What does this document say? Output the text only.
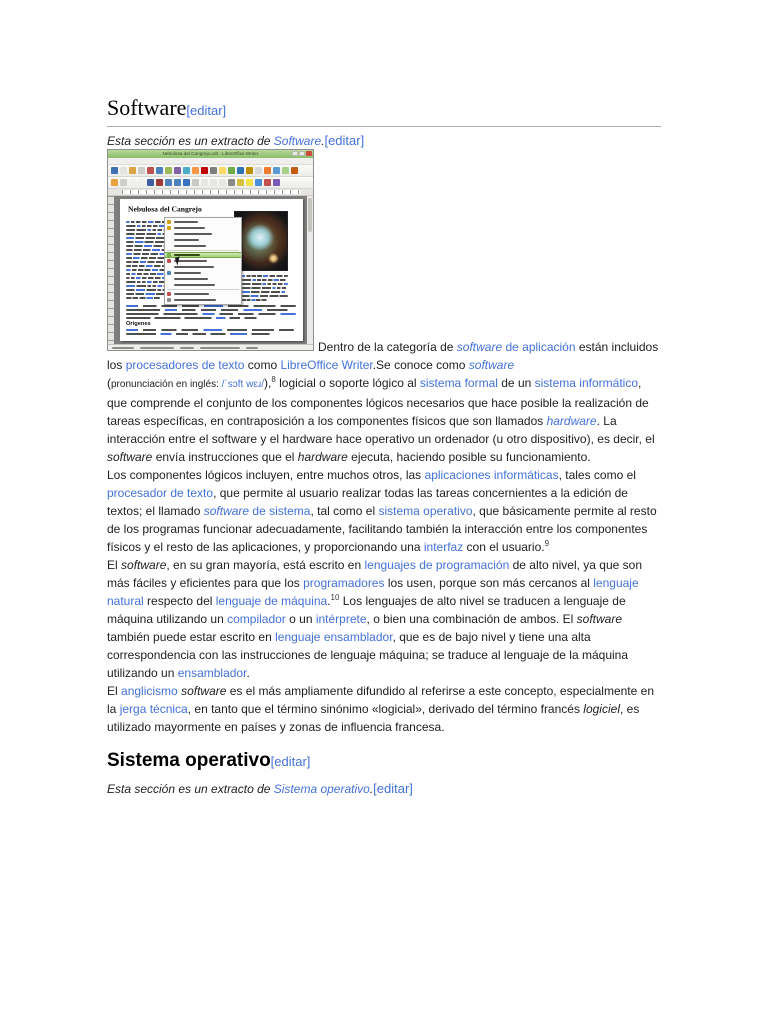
Software[editar]

Esta sección es un extracto de Software.[editar]

Nebulosa del Cangrejo.odt - LibreOffice Writer
Nebulosa del Cangrejo
Orígenes
Dentro de la categoría de software de aplicación están incluidos los procesadores de texto como LibreOffice Writer.Se conoce como software (pronunciación en inglés: /ˈsɔft wɛɹ/),$^8$ logicial o soporte lógico al sistema formal de un sistema informático, que comprende el conjunto de los componentes lógicos necesarios que hace posible la realización de tareas específicas, en contraposición a los componentes físicos que son llamados hardware. La interacción entre el software y el hardware hace operativo un ordenador (u otro dispositivo), es decir, el software envía instrucciones que el hardware ejecuta, haciendo posible su funcionamiento.

Los componentes lógicos incluyen, entre muchos otros, las aplicaciones informáticas, tales como el procesador de texto, que permite al usuario realizar todas las tareas concernientes a la edición de textos; el llamado software de sistema, tal como el sistema operativo, que básicamente permite al resto de los programas funcionar adecuadamente, facilitando también la interacción entre los componentes físicos y el resto de las aplicaciones, y proporcionando una interfaz con el usuario.$^9$

El software, en su gran mayoría, está escrito en lenguajes de programación de alto nivel, ya que son más fáciles y eficientes para que los programadores los usen, porque son más cercanos al lenguaje natural respecto del lenguaje de máquina.$^{10}$ Los lenguajes de alto nivel se traducen a lenguaje de máquina utilizando un compilador o un intérprete, o bien una combinación de ambos. El software también puede estar escrito en lenguaje ensamblador, que es de bajo nivel y tiene una alta correspondencia con las instrucciones de lenguaje máquina; se traduce al lenguaje de la máquina utilizando un ensamblador.

El anglicismo software es el más ampliamente difundido al referirse a este concepto, especialmente en la jerga técnica, en tanto que el término sinónimo «logicial», derivado del término francés logiciel, es utilizado mayormente en países y zonas de influencia francesa.

Sistema operativo[editar]

Esta sección es un extracto de Sistema operativo.[editar]
